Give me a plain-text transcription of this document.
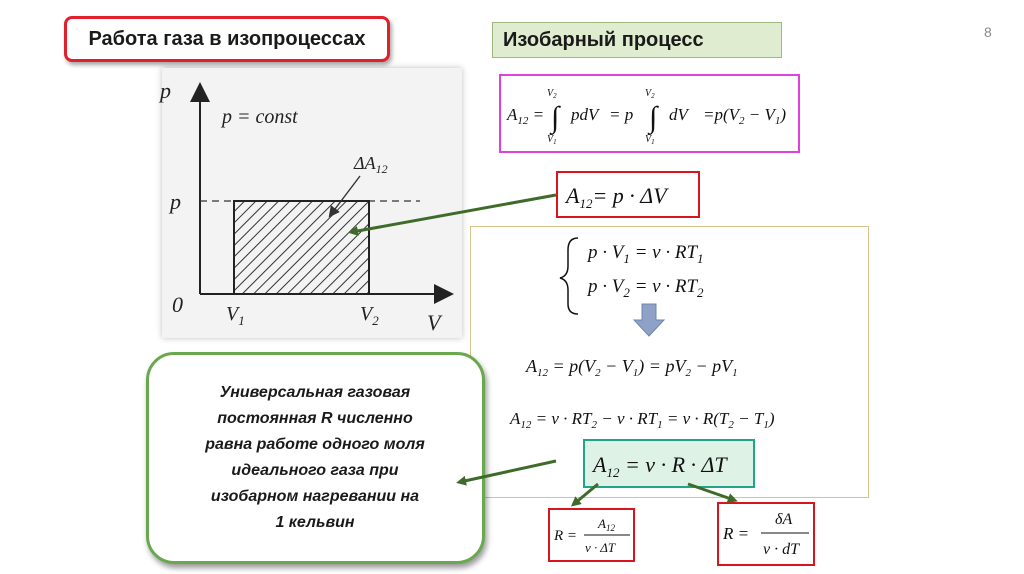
Работа газа в изопроцессах	Изобарный процесс	8
p
V
0
p = const
p
$V_1$	$V_2$
$\Delta A_{12}$
$A_{12}$ =
$V_2$
∫
$V_1$
pdV = p
$V_2$
∫
$V_1$
dV $=p(V_2 - V_1)$
$A_{12}= p \cdot \Delta V$
$p \cdot V_1 = \nu \cdot RT_1$
$p \cdot V_2 = \nu \cdot RT_2$
$A_{12} = p(V_2 - V_1) = pV_2 - pV_1$
$A_{12} = \nu \cdot RT_2 - \nu \cdot RT_1 = \nu \cdot R(T_2 - T_1)$
$A_{12} = \nu \cdot R \cdot \Delta T$
R =
$A_{12}$
ν · ΔT
R =
δA
ν · dT
Универсальная газовая
постоянная R численно
равна работе одного моля
идеального газа при
изобарном нагревании на
1 кельвин
